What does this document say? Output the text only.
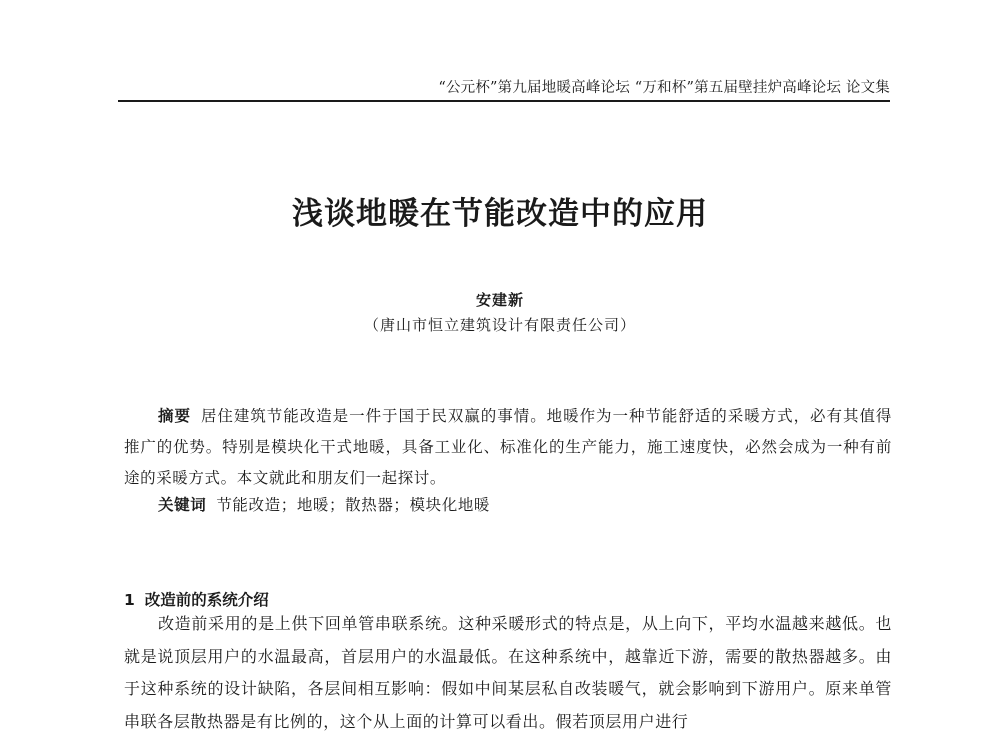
“公元杯”第九届地暖高峰论坛 “万和杯”第五届壁挂炉高峰论坛 论文集
浅谈地暖在节能改造中的应用
安建新
（唐山市恒立建筑设计有限责任公司）
摘要 居住建筑节能改造是一件于国于民双赢的事情。地暖作为一种节能舒适的采暖方式，必有其值得推广的优势。特别是模块化干式地暖，具备工业化、标准化的生产能力，施工速度快，必然会成为一种有前途的采暖方式。本文就此和朋友们一起探讨。
关键词 节能改造；地暖；散热器；模块化地暖
1 改造前的系统介绍
改造前采用的是上供下回单管串联系统。这种采暖形式的特点是，从上向下，平均水温越来越低。也就是说顶层用户的水温最高，首层用户的水温最低。在这种系统中，越靠近下游，需要的散热器越多。由于这种系统的设计缺陷，各层间相互影响：假如中间某层私自改装暖气，就会影响到下游用户。原来单管串联各层散热器是有比例的，这个从上面的计算可以看出。假若顶层用户进行
